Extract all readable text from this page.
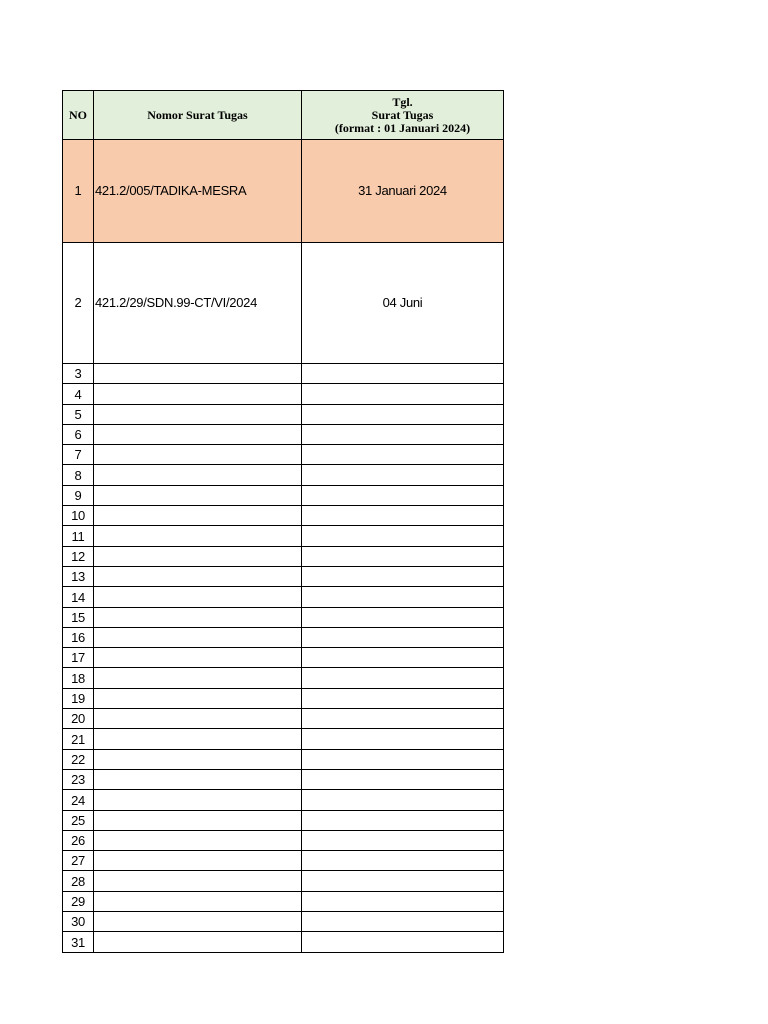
NO	Nomor Surat Tugas	Tgl.
Surat Tugas
(format : 01 Januari 2024)

1	421.2/005/TADIKA-MESRA	31 Januari 2024
2	421.2/29/SDN.99-CT/VI/2024	04 Juni
3		
4		
5		
6		
7		
8		
9		
10		
11		
12		
13		
14		
15		
16		
17		
18		
19		
20		
21		
22		
23		
24		
25		
26		
27		
28		
29		
30		
31		
